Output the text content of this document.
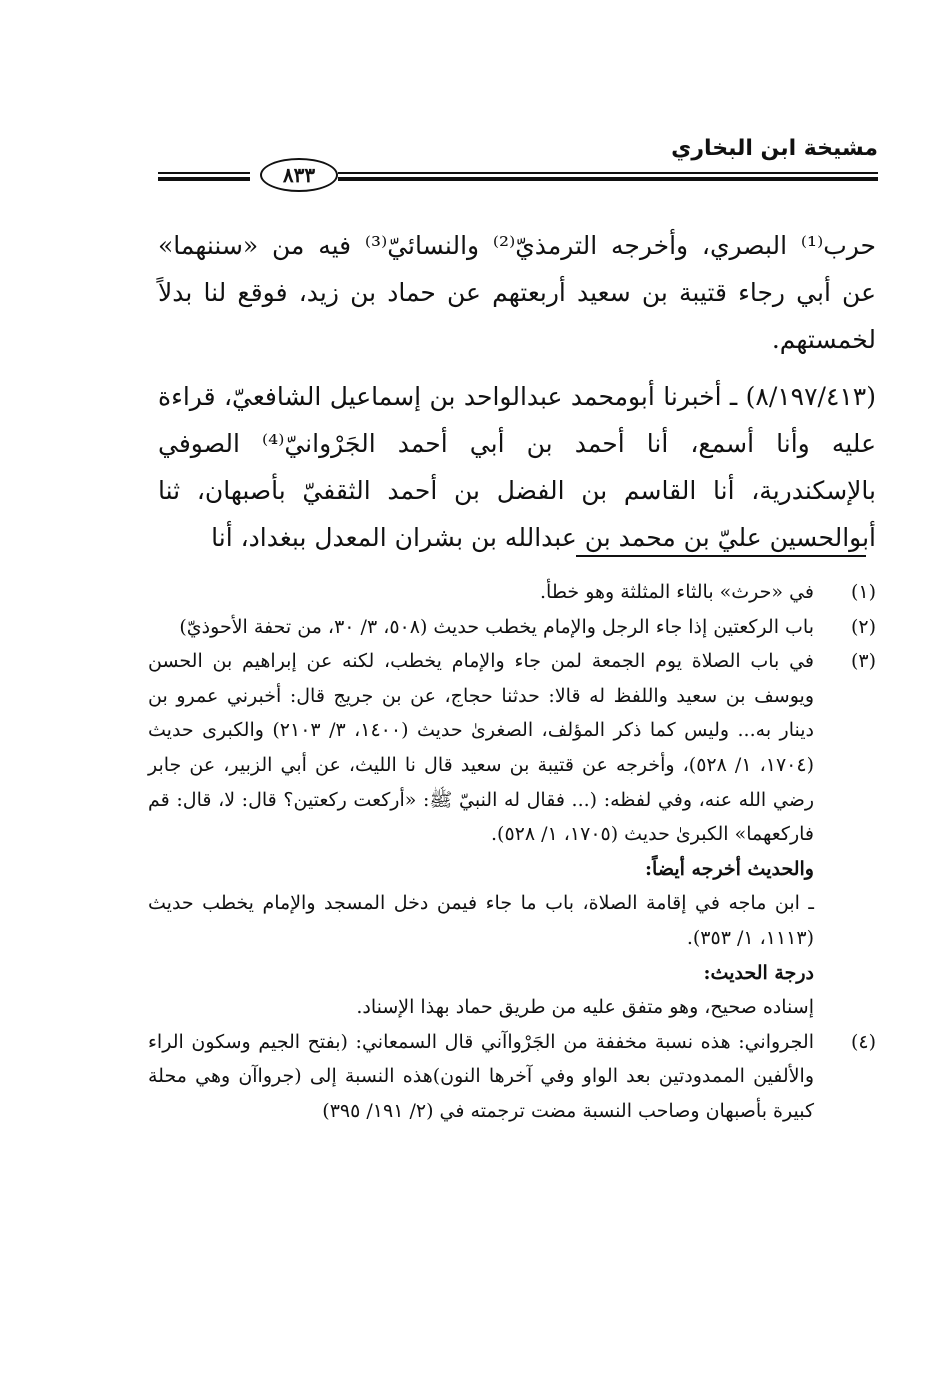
مشيخة ابن البخاري
٨٣٣

حرب⁽¹⁾ البصري، وأخرجه الترمذيّ⁽²⁾ والنسائيّ⁽³⁾ فيه من «سننهما» عن أبي رجاء قتيبة بن سعيد أربعتهم عن حماد بن زيد، فوقع لنا بدلاً لخمستهم.

(٨/١٩٧/٤١٣) ـ أخبرنا أبومحمد عبدالواحد بن إسماعيل الشافعيّ، قراءة عليه وأنا أسمع، أنا أحمد بن أبي أحمد الجَرْوانيّ⁽⁴⁾ الصوفي بالإسكندرية، أنا القاسم بن الفضل بن أحمد الثقفيّ بأصبهان، ثنا أبوالحسين عليّ بن محمد بن عبدالله بن بشران المعدل ببغداد، أنا

(١)

في «حرث» بالثاء المثلثة وهو خطأ.

(٢)

باب الركعتين إذا جاء الرجل والإمام يخطب حديث (٥٠٨، ٣/ ٣٠، من تحفة الأحوذيّ)

(٣)

في باب الصلاة يوم الجمعة لمن جاء والإمام يخطب، لكنه عن إبراهيم بن الحسن ويوسف بن سعيد واللفظ له قالا: حدثنا حجاج، عن بن جريج قال: أخبرني عمرو بن دينار به... وليس كما ذكر المؤلف، الصغرىٰ حديث (١٤٠٠، ٣/ ٢١٠٣) والكبرى حديث (١٧٠٤، ١/ ٥٢٨)، وأخرجه عن قتيبة بن سعيد قال نا الليث، عن أبي الزبير، عن جابر رضي الله عنه، وفي لفظه: (... فقال له النبيّ ﷺ: «أركعت ركعتين؟ قال: لا، قال: قم فاركعهما» الكبرىٰ حديث (١٧٠٥، ١/ ٥٢٨).

والحديث أخرجه أيضاً:

ـ ابن ماجه في إقامة الصلاة، باب ما جاء فيمن دخل المسجد والإمام يخطب حديث (١١١٣، ١/ ٣٥٣).

درجة الحديث:

إسناده صحيح، وهو متفق عليه من طريق حماد بهذا الإسناد.

(٤)

الجرواني: هذه نسبة مخففة من الجَرْواآني قال السمعاني: (بفتح الجيم وسكون الراء والألفين الممدودتين بعد الواو وفي آخرها النون)هذه النسبة إلى (جرواآن وهي محلة كبيرة بأصبهان وصاحب النسبة مضت ترجمته في (٢/ ١٩١/ ٣٩٥)
